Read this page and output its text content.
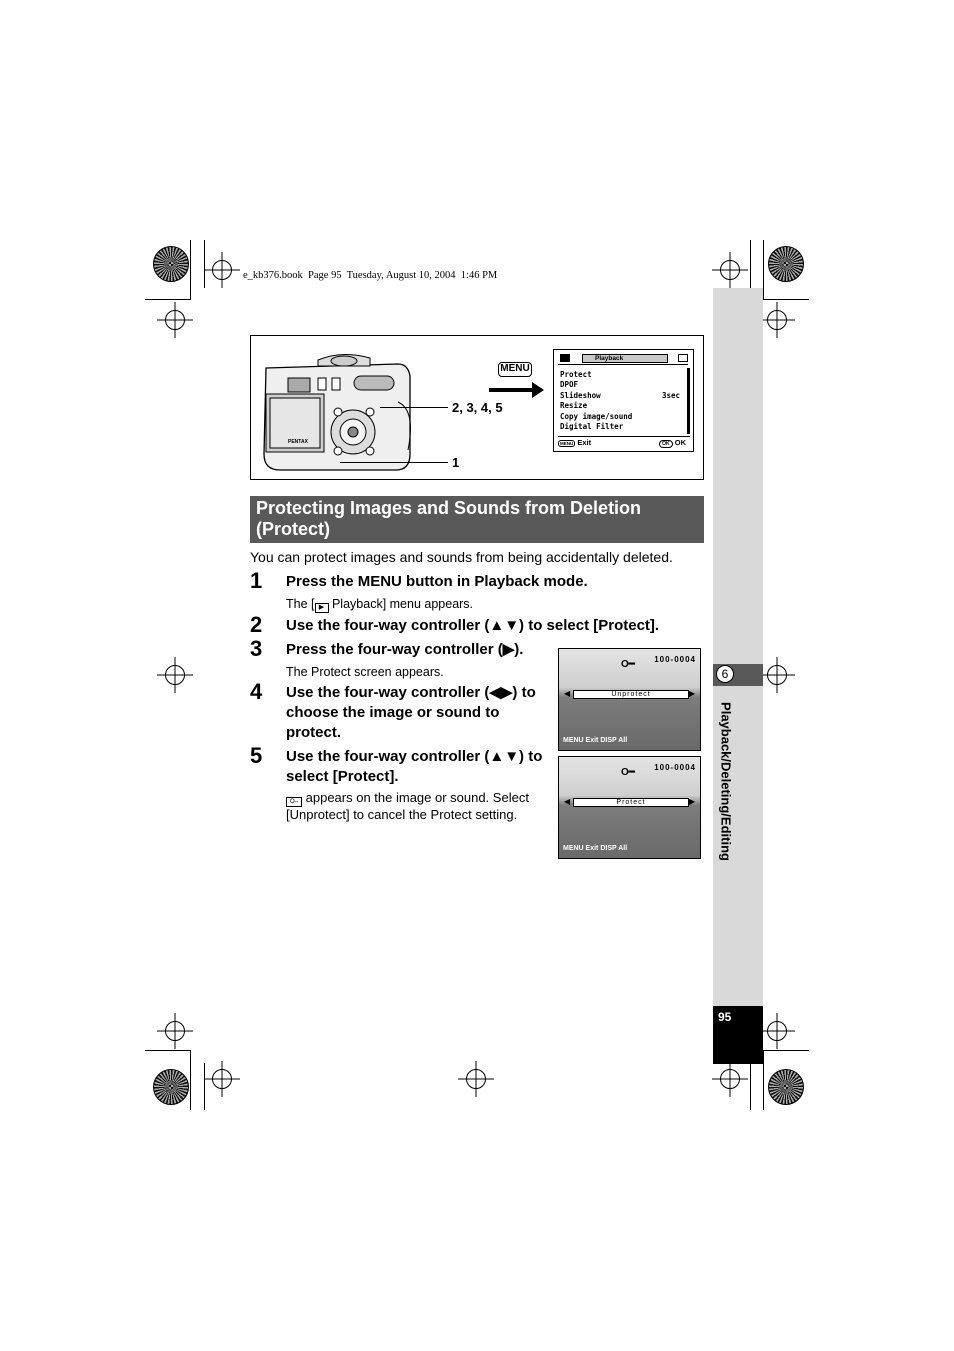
e_kb376.book  Page 95  Tuesday, August 10, 2004  1:46 PM
6
Playback/Deleting/Editing
95
PENTAX
MENU
2, 3, 4, 5
1
Playback
Protect
DPOF
Slideshow	3sec
Resize
Copy image/sound
Digital Filter
MENU Exit	OK OK
Protecting Images and Sounds from Deletion (Protect)
You can protect images and sounds from being accidentally deleted.
1 Press the MENU button in Playback mode.
The [ ▶ Playback] menu appears.
2 Use the four-way controller (▲▼) to select [Protect].
3 Press the four-way controller (▶).
The Protect screen appears.
4 Use the four-way controller (◀▶) to choose the image or sound to protect.
5 Use the four-way controller (▲▼) to select [Protect].
O‒ appears on the image or sound. Select [Unprotect] to cancel the Protect setting.
O━ 100-0004
◀	Unprotect	▶
MENU Exit DISP All
O━ 100-0004
◀	Protect	▶
MENU Exit DISP All
